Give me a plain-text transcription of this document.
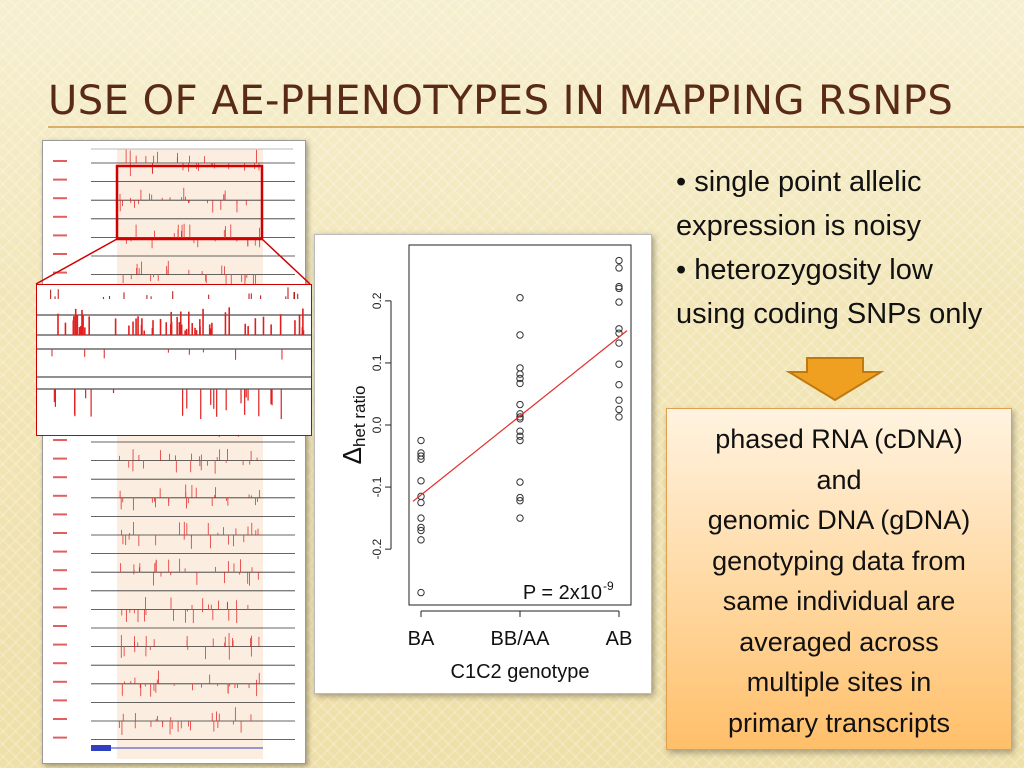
USE OF AE-PHENOTYPES IN MAPPING RSNPS
-0.2
-0.1
0.0
0.1
0.2
BA	BB/AA	AB
Δhet ratio
C1C2 genotype
P = 2x10 -9

• single point allelic expression is noisy

• heterozygosity low using coding SNPs only

phased RNA (cDNA)
and
genomic DNA (gDNA)
genotyping data from
same individual are
averaged across
multiple sites in
primary transcripts
